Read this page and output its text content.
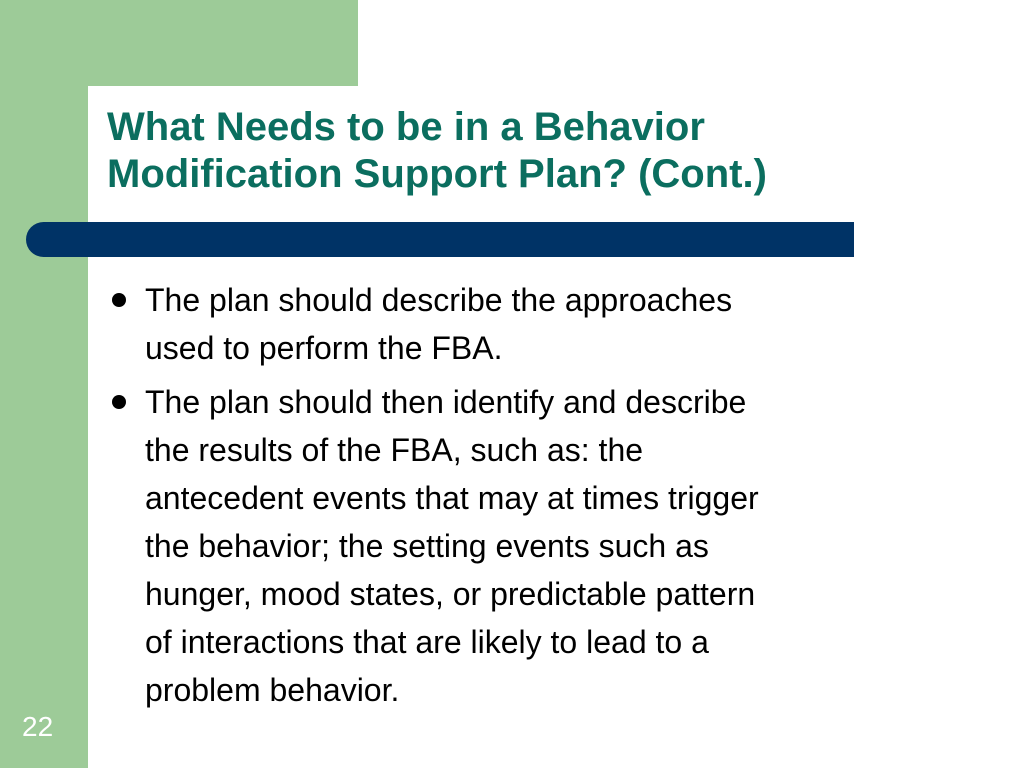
What Needs to be in a Behavior
Modification Support Plan? (Cont.)
The plan should describe the approaches
used to perform the FBA.
The plan should then identify and describe
the results of the FBA, such as: the
antecedent events that may at times trigger
the behavior; the setting events such as
hunger, mood states, or predictable pattern
of interactions that are likely to lead to a
problem behavior.
22
